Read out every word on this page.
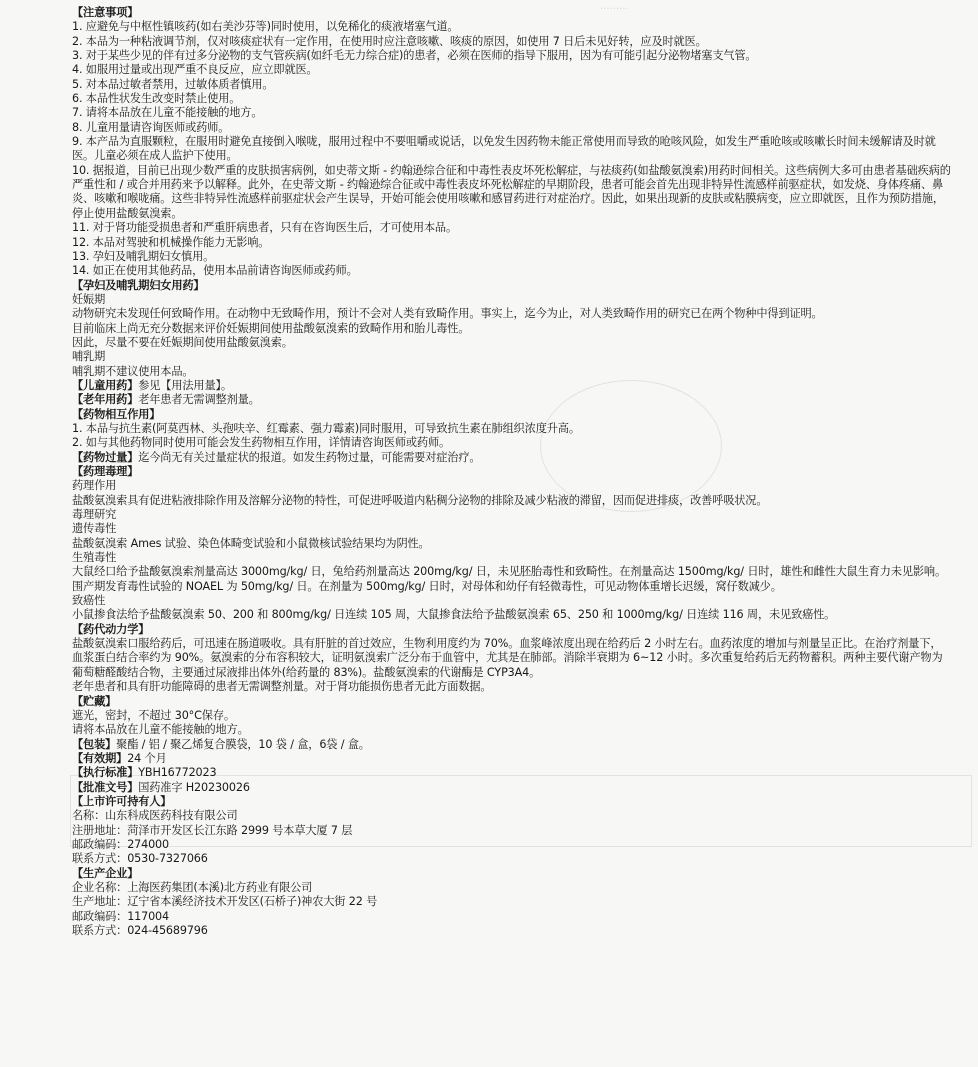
·········
【注意事项】
1. 应避免与中枢性镇咳药(如右美沙芬等)同时使用，以免稀化的痰液堵塞气道。
2. 本品为一种粘液调节剂，仅对咳痰症状有一定作用，在使用时应注意咳嗽、咳痰的原因，如使用 7 日后未见好转，应及时就医。
3. 对于某些少见的伴有过多分泌物的支气管疾病(如纤毛无力综合症)的患者，必须在医师的指导下服用，因为有可能引起分泌物堵塞支气管。
4. 如服用过量或出现严重不良反应，应立即就医。
5. 对本品过敏者禁用，过敏体质者慎用。
6. 本品性状发生改变时禁止使用。
7. 请将本品放在儿童不能接触的地方。
8. 儿童用量请咨询医师或药师。
9. 本产品为直服颗粒，在服用时避免直接倒入喉咙，服用过程中不要咀嚼或说话，以免发生因药物未能正常使用而导致的呛咳风险，如发生严重呛咳或咳嗽长时间未缓解请及时就医。儿童必须在成人监护下使用。
10. 据报道，目前已出现少数严重的皮肤损害病例，如史蒂文斯 - 约翰逊综合征和中毒性表皮坏死松解症，与祛痰药(如盐酸氨溴索)用药时间相关。这些病例大多可由患者基础疾病的严重性和 / 或合并用药来予以解释。此外，在史蒂文斯 - 约翰逊综合征或中毒性表皮坏死松解症的早期阶段，患者可能会首先出现非特异性流感样前驱症状，如发烧、身体疼痛、鼻炎、咳嗽和喉咙痛。这些非特异性流感样前驱症状会产生误导，开始可能会使用咳嗽和感冒药进行对症治疗。因此，如果出现新的皮肤或粘膜病变，应立即就医，且作为预防措施，停止使用盐酸氨溴索。
11. 对于肾功能受损患者和严重肝病患者，只有在咨询医生后，才可使用本品。
12. 本品对驾驶和机械操作能力无影响。
13. 孕妇及哺乳期妇女慎用。
14. 如正在使用其他药品，使用本品前请咨询医师或药师。
【孕妇及哺乳期妇女用药】
妊娠期
动物研究未发现任何致畸作用。在动物中无致畸作用，预计不会对人类有致畸作用。事实上，迄今为止，对人类致畸作用的研究已在两个物种中得到证明。
目前临床上尚无充分数据来评价妊娠期间使用盐酸氨溴索的致畸作用和胎儿毒性。
因此，尽量不要在妊娠期间使用盐酸氨溴索。
哺乳期
哺乳期不建议使用本品。
【儿童用药】参见【用法用量】。
【老年用药】老年患者无需调整剂量。
【药物相互作用】
1. 本品与抗生素(阿莫西林、头孢呋辛、红霉素、强力霉素)同时服用，可导致抗生素在肺组织浓度升高。
2. 如与其他药物同时使用可能会发生药物相互作用，详情请咨询医师或药师。
【药物过量】迄今尚无有关过量症状的报道。如发生药物过量，可能需要对症治疗。
【药理毒理】
药理作用
盐酸氨溴索具有促进粘液排除作用及溶解分泌物的特性，可促进呼吸道内粘稠分泌物的排除及减少粘液的滞留，因而促进排痰，改善呼吸状况。
毒理研究
遗传毒性
盐酸氨溴索 Ames 试验、染色体畸变试验和小鼠微核试验结果均为阴性。
生殖毒性
大鼠经口给予盐酸氨溴索剂量高达 3000mg/kg/ 日，兔给药剂量高达 200mg/kg/ 日，未见胚胎毒性和致畸性。在剂量高达 1500mg/kg/ 日时，雄性和雌性大鼠生育力未见影响。
围产期发育毒性试验的 NOAEL 为 50mg/kg/ 日。在剂量为 500mg/kg/ 日时，对母体和幼仔有轻微毒性，可见动物体重增长迟缓，窝仔数减少。
致癌性
小鼠掺食法给予盐酸氨溴索 50、200 和 800mg/kg/ 日连续 105 周，大鼠掺食法给予盐酸氨溴索 65、250 和 1000mg/kg/ 日连续 116 周，未见致癌性。
【药代动力学】
盐酸氨溴索口服给药后，可迅速在肠道吸收。具有肝脏的首过效应，生物利用度约为 70%。血浆峰浓度出现在给药后 2 小时左右。血药浓度的增加与剂量呈正比。在治疗剂量下，血浆蛋白结合率约为 90%。氨溴索的分布容积较大，证明氨溴索广泛分布于血管中，尤其是在肺部。消除半衰期为 6~12 小时。多次重复给药后无药物蓄积。两种主要代谢产物为葡萄糖醛酸结合物，主要通过尿液排出体外(给药量的 83%)。盐酸氨溴索的代谢酶是 CYP3A4。
老年患者和具有肝功能障碍的患者无需调整剂量。对于肾功能损伤患者无此方面数据。
【贮藏】
遮光，密封，不超过 30°C保存。
请将本品放在儿童不能接触的地方。
【包装】聚酯 / 铝 / 聚乙烯复合膜袋，10 袋 / 盒，6袋 / 盒。
【有效期】24 个月
【执行标准】YBH16772023
【批准文号】国药准字 H20230026
【上市许可持有人】
名称：山东科成医药科技有限公司
注册地址：菏泽市开发区长江东路 2999 号本草大厦 7 层
邮政编码：274000
联系方式：0530-7327066
【生产企业】
企业名称：上海医药集团(本溪)北方药业有限公司
生产地址：辽宁省本溪经济技术开发区(石桥子)神农大街 22 号
邮政编码：117004
联系方式：024-45689796
